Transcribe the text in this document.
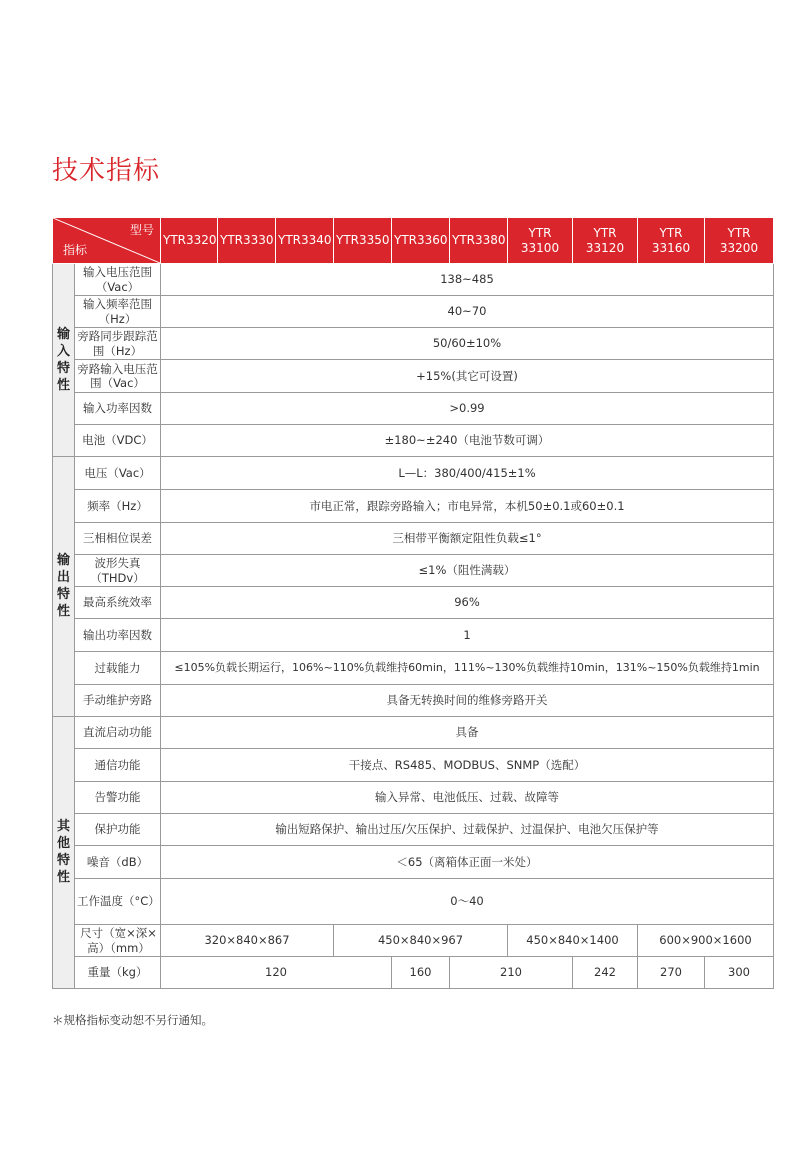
技术指标
型号
指标		YTR3320	YTR3330	YTR3340	YTR3350	YTR3360	YTR3380	YTR 33100	YTR 33120	YTR 33160	YTR 33200
输入特性	输入电压范围（Vac）	138~485									
	输入频率范围（Hz）	40~70									
	旁路同步跟踪范围（Hz）	50/60±10%									
	旁路输入电压范围（Vac）	+15%(其它可设置)									
	输入功率因数	>0.99									
	电池（VDC）	±180~±240（电池节数可调）									
输出特性	电压（Vac）	L—L：380/400/415±1%									
	频率（Hz）	市电正常，跟踪旁路输入；市电异常，本机50±0.1或60±0.1									
	三相相位误差	三相带平衡额定阻性负载≤1°									
	波形失真（THDv）	≤1%（阻性满载）									
	最高系统效率	96%									
	输出功率因数	1									
	过载能力	≤105%负载长期运行，106%~110%负载维持60min，111%~130%负载维持10min，131%~150%负载维持1min									
	手动维护旁路	具备无转换时间的维修旁路开关									
其他特性	直流启动功能	具备									
	通信功能	干接点、RS485、MODBUS、SNMP（选配）									
	告警功能	输入异常、电池低压、过载、故障等									
	保护功能	输出短路保护、输出过压/欠压保护、过载保护、过温保护、电池欠压保护等									
	噪音（dB）	＜65（离箱体正面一米处）									
	工作温度（°C）	0～40									
	尺寸（宽×深×高）（mm）	320×840×867			450×840×967			450×840×1400		600×900×1600	
	重量（kg）	120				160	210		242	270	300
＊规格指标变动恕不另行通知。
